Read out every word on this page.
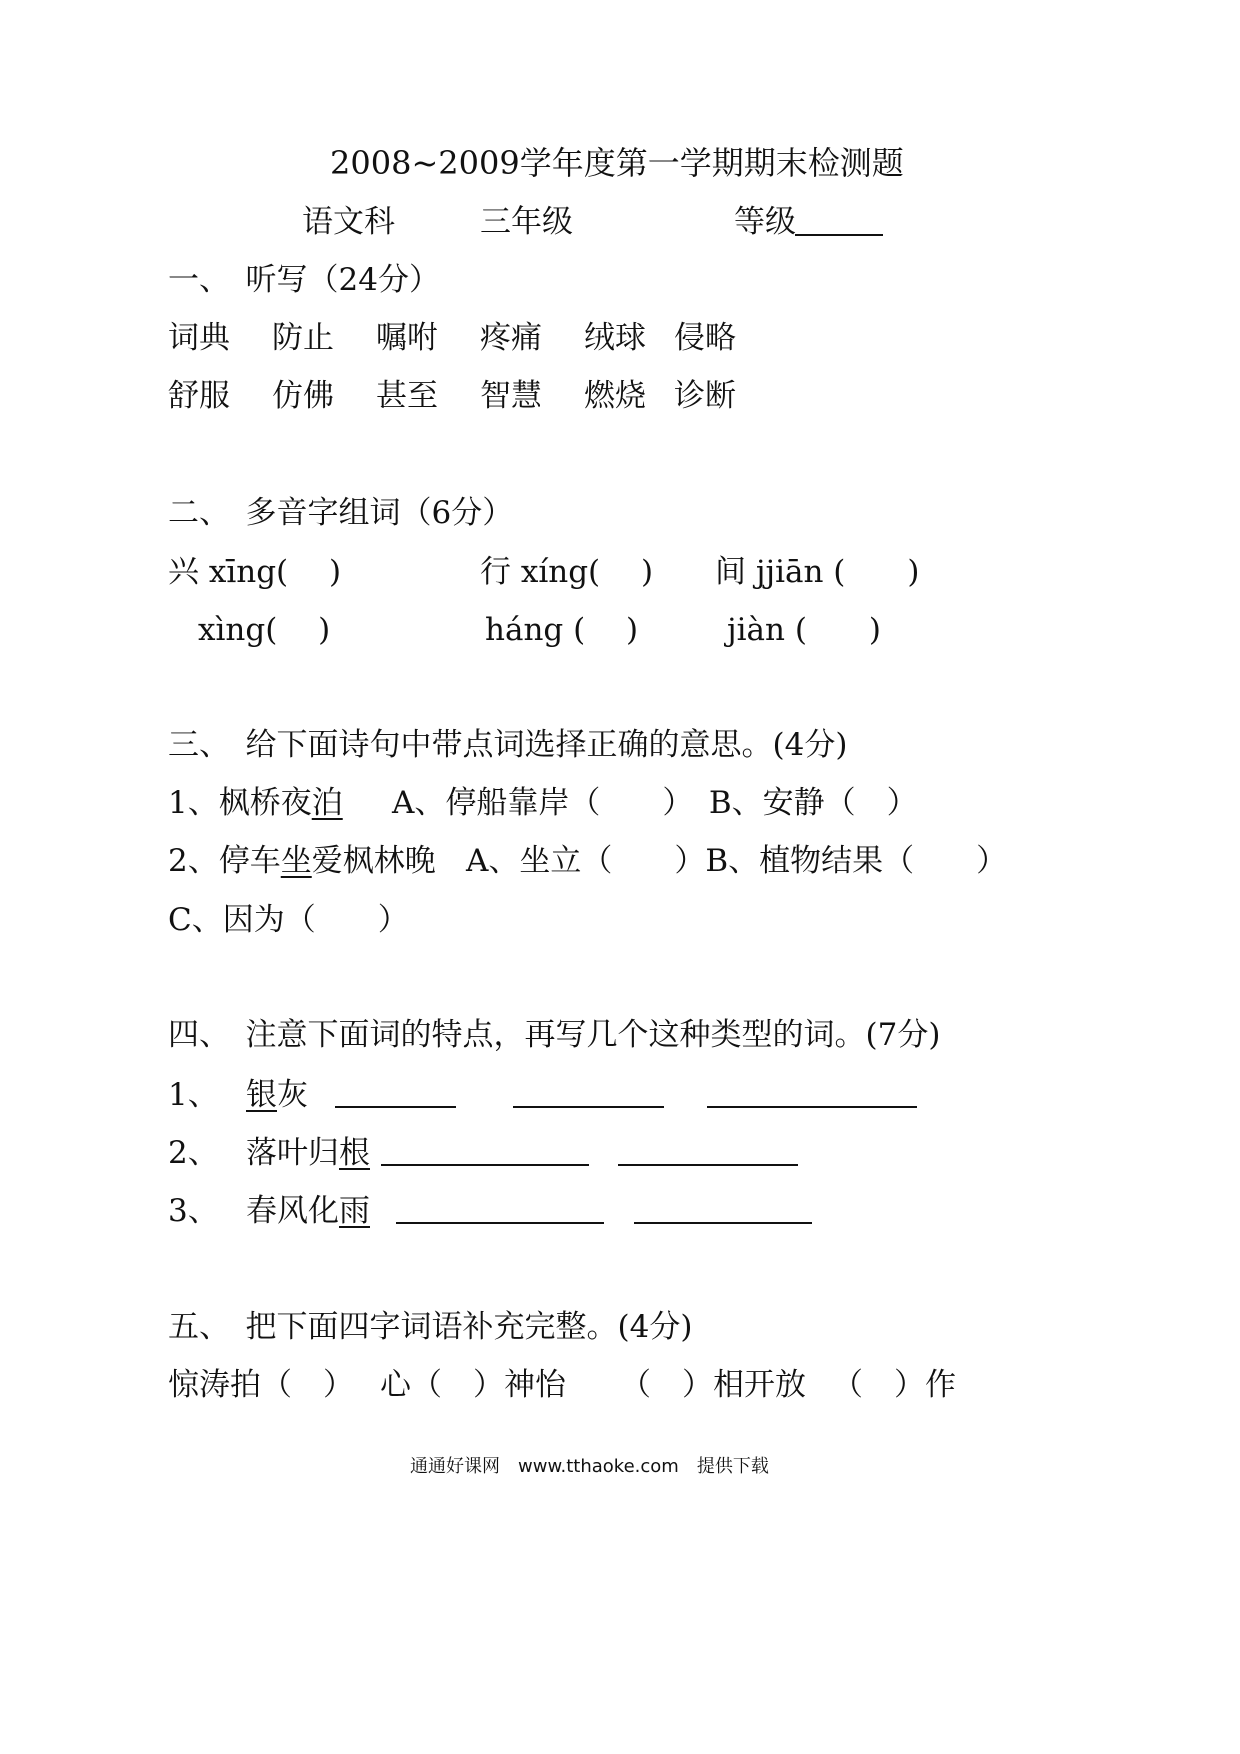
2008~2009学年度第一学期期末检测题
语文科	三年级	等级
一、　听写（24分）
词典 防止 嘱咐 疼痛 绒球 侵略
舒服 仿佛 甚至 智慧 燃烧 诊断
二、　多音字组词（6分）
兴 xīng(　 )	行 xíng(　 ) 间 jjiān (　　)
xìng(　 )	háng (　 )	jiàn (　　)
三、　给下面诗句中带点词选择正确的意思。(4分)
1、枫桥夜泊 A、停船靠岸（　　）　B、安静（　）
2、停车坐爱枫林晚 A、坐立（　　）B、植物结果（　　）
C、因为（　　）
四、　注意下面词的特点，再写几个这种类型的词。(7分)
1、 银灰
2、 落叶归根
3、 春风化雨
五、　把下面四字词语补充完整。(4分)
惊涛拍（　） 心（　）神怡 （　）相开放 （　）作
通通好课网　www.tthaoke.com　提供下载
